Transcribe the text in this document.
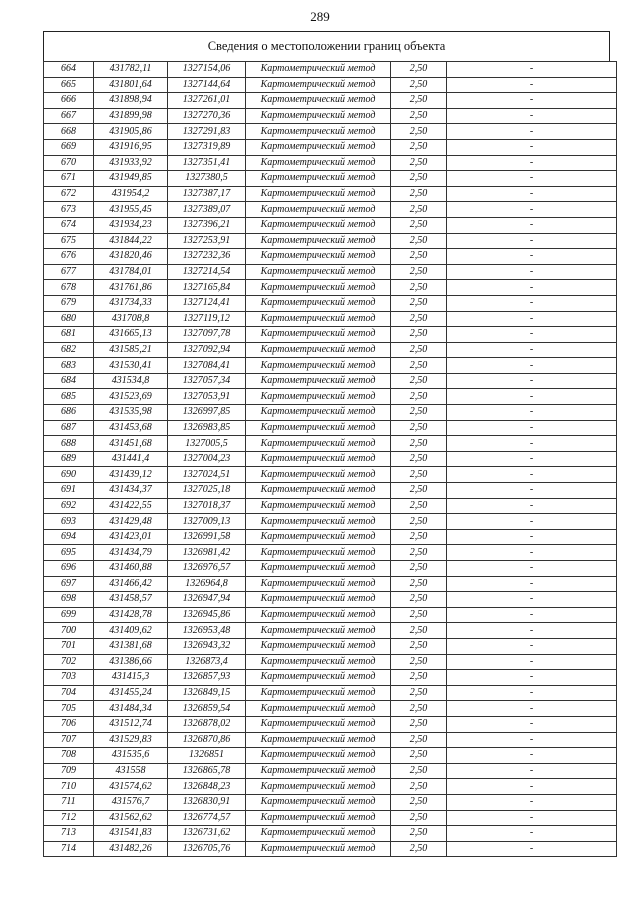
289
Сведения о местоположении границ объекта
664	431782,11	1327154,06	Картометрический метод	2,50	-
665	431801,64	1327144,64	Картометрический метод	2,50	-
666	431898,94	1327261,01	Картометрический метод	2,50	-
667	431899,98	1327270,36	Картометрический метод	2,50	-
668	431905,86	1327291,83	Картометрический метод	2,50	-
669	431916,95	1327319,89	Картометрический метод	2,50	-
670	431933,92	1327351,41	Картометрический метод	2,50	-
671	431949,85	1327380,5	Картометрический метод	2,50	-
672	431954,2	1327387,17	Картометрический метод	2,50	-
673	431955,45	1327389,07	Картометрический метод	2,50	-
674	431934,23	1327396,21	Картометрический метод	2,50	-
675	431844,22	1327253,91	Картометрический метод	2,50	-
676	431820,46	1327232,36	Картометрический метод	2,50	-
677	431784,01	1327214,54	Картометрический метод	2,50	-
678	431761,86	1327165,84	Картометрический метод	2,50	-
679	431734,33	1327124,41	Картометрический метод	2,50	-
680	431708,8	1327119,12	Картометрический метод	2,50	-
681	431665,13	1327097,78	Картометрический метод	2,50	-
682	431585,21	1327092,94	Картометрический метод	2,50	-
683	431530,41	1327084,41	Картометрический метод	2,50	-
684	431534,8	1327057,34	Картометрический метод	2,50	-
685	431523,69	1327053,91	Картометрический метод	2,50	-
686	431535,98	1326997,85	Картометрический метод	2,50	-
687	431453,68	1326983,85	Картометрический метод	2,50	-
688	431451,68	1327005,5	Картометрический метод	2,50	-
689	431441,4	1327004,23	Картометрический метод	2,50	-
690	431439,12	1327024,51	Картометрический метод	2,50	-
691	431434,37	1327025,18	Картометрический метод	2,50	-
692	431422,55	1327018,37	Картометрический метод	2,50	-
693	431429,48	1327009,13	Картометрический метод	2,50	-
694	431423,01	1326991,58	Картометрический метод	2,50	-
695	431434,79	1326981,42	Картометрический метод	2,50	-
696	431460,88	1326976,57	Картометрический метод	2,50	-
697	431466,42	1326964,8	Картометрический метод	2,50	-
698	431458,57	1326947,94	Картометрический метод	2,50	-
699	431428,78	1326945,86	Картометрический метод	2,50	-
700	431409,62	1326953,48	Картометрический метод	2,50	-
701	431381,68	1326943,32	Картометрический метод	2,50	-
702	431386,66	1326873,4	Картометрический метод	2,50	-
703	431415,3	1326857,93	Картометрический метод	2,50	-
704	431455,24	1326849,15	Картометрический метод	2,50	-
705	431484,34	1326859,54	Картометрический метод	2,50	-
706	431512,74	1326878,02	Картометрический метод	2,50	-
707	431529,83	1326870,86	Картометрический метод	2,50	-
708	431535,6	1326851	Картометрический метод	2,50	-
709	431558	1326865,78	Картометрический метод	2,50	-
710	431574,62	1326848,23	Картометрический метод	2,50	-
711	431576,7	1326830,91	Картометрический метод	2,50	-
712	431562,62	1326774,57	Картометрический метод	2,50	-
713	431541,83	1326731,62	Картометрический метод	2,50	-
714	431482,26	1326705,76	Картометрический метод	2,50	-
